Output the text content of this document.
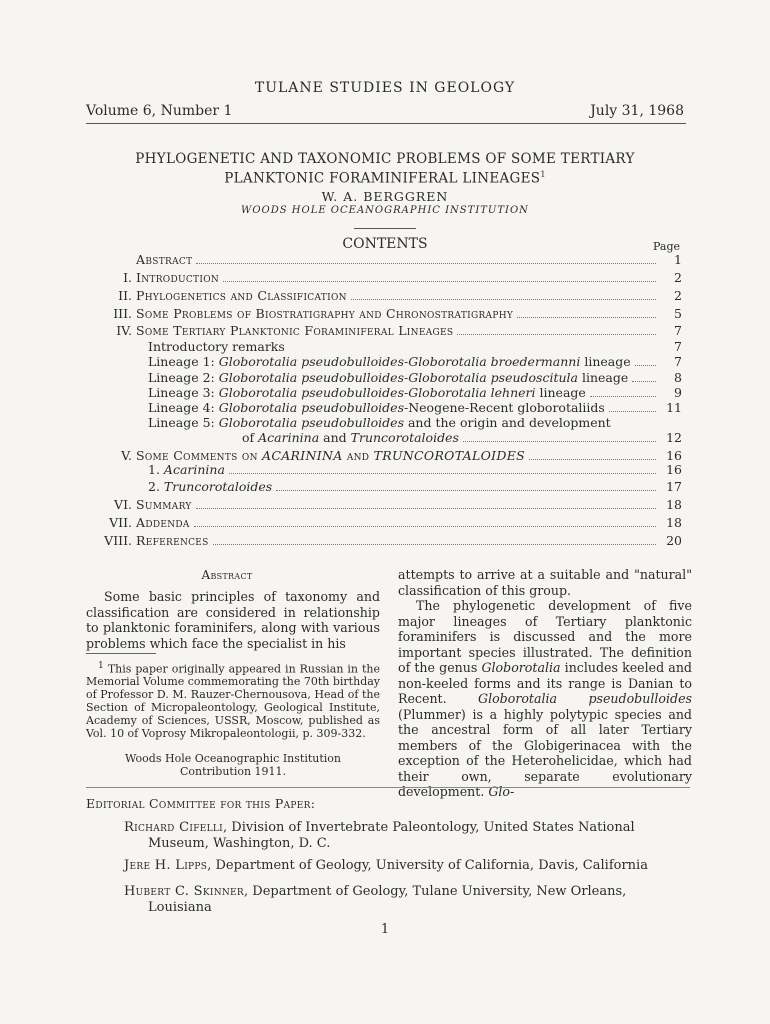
TULANE STUDIES IN GEOLOGY
Volume 6, Number 1	July 31, 1968
PHYLOGENETIC AND TAXONOMIC PROBLEMS OF SOME TERTIARY
PLANKTONIC FORAMINIFERAL LINEAGES$^1$
W. A. BERGGREN
WOODS HOLE OCEANOGRAPHIC INSTITUTION
CONTENTS	Page
Abstract	1
I. Introduction	2
II. Phylogenetics and Classification	2
III. Some Problems of Biostratigraphy and Chronostratigraphy	5
IV. Some Tertiary Planktonic Foraminiferal Lineages	7
Introductory remarks	7
Lineage 1: Globorotalia pseudobulloides-Globorotalia broedermanni lineage	7
Lineage 2: Globorotalia pseudobulloides-Globorotalia pseudoscitula lineage	8
Lineage 3: Globorotalia pseudobulloides-Globorotalia lehneri lineage	9
Lineage 4: Globorotalia pseudobulloides-Neogene-Recent globorotaliids	11
Lineage 5: Globorotalia pseudobulloides and the origin and development
of Acarinina and Truncorotaloides	12
V. Some Comments on ACARININA and TRUNCOROTALOIDES	16
1. Acarinina	16
2. Truncorotaloides	17
VI. Summary	18
VII. Addenda	18
VIII. References	20
Abstract

Some basic principles of taxonomy and classification are considered in relationship to planktonic foraminifers, along with various problems which face the specialist in his

$^1$ This paper originally appeared in Russian in the Memorial Volume commemorating the 70th birthday of Professor D. M. Rauzer-Chernousova, Head of the Section of Micropaleontology, Geological Institute, Academy of Sciences, USSR, Moscow, published as Vol. 10 of Voprosy Mikropaleontologii, p. 309-332.
Woods Hole Oceanographic Institution
Contribution 1911.

attempts to arrive at a suitable and "natural" classification of this group.

The phylogenetic development of five major lineages of Tertiary planktonic foraminifers is discussed and the more important species illustrated. The definition of the genus Globorotalia includes keeled and non-keeled forms and its range is Danian to Recent. Globorotalia pseudobulloides (Plummer) is a highly polytypic species and the ancestral form of all later Tertiary members of the Globigerinacea with the exception of the Heterohelicidae, which had their own, separate evolutionary development. Glo-

Editorial Committee for this Paper:
Richard Cifelli, Division of Invertebrate Paleontology, United States National
Museum, Washington, D. C.
Jere H. Lipps, Department of Geology, University of California, Davis, California
Hubert C. Skinner, Department of Geology, Tulane University, New Orleans,
Louisiana
1
